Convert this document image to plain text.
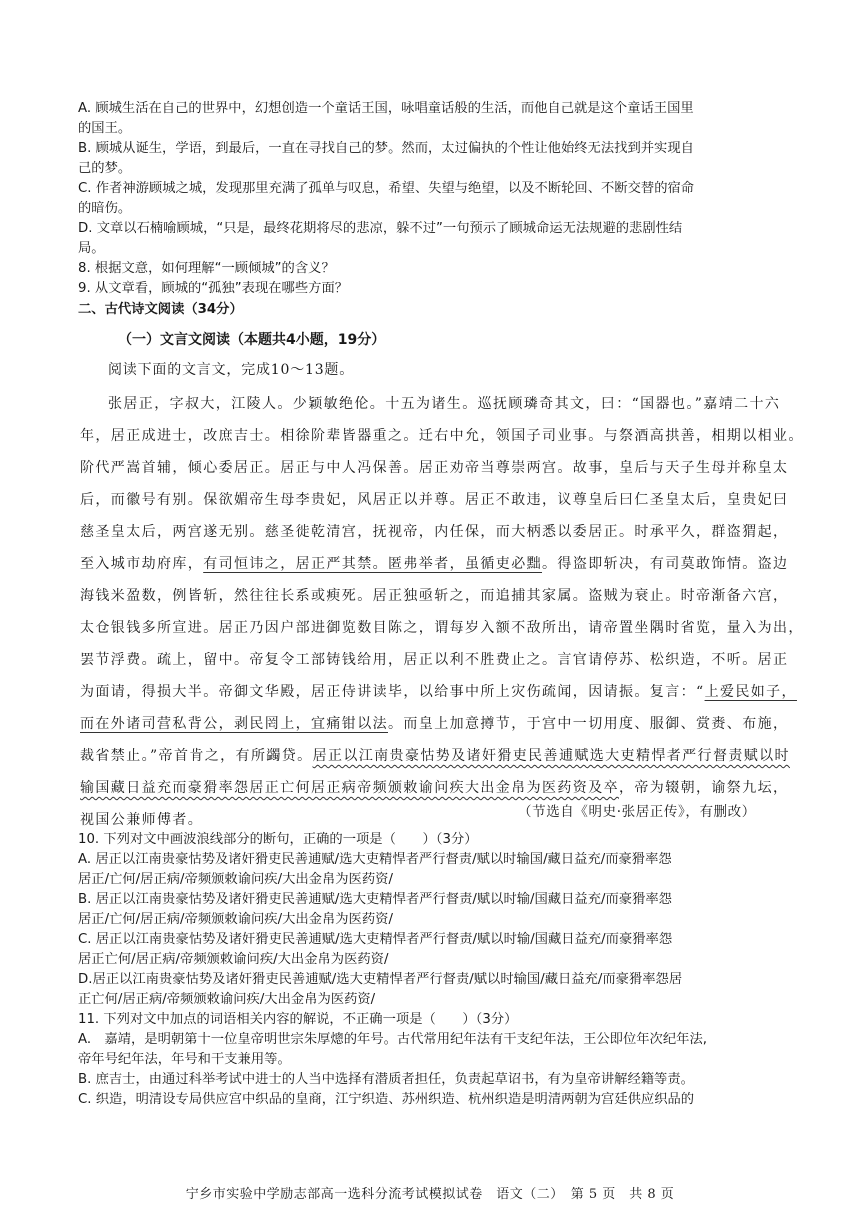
A. 顾城生活在自己的世界中，幻想创造一个童话王国，咏唱童话般的生活，而他自己就是这个童话王国里
的国王。
B. 顾城从诞生，学语，到最后，一直在寻找自己的梦。然而，太过偏执的个性让他始终无法找到并实现自
己的梦。
C. 作者神游顾城之城，发现那里充满了孤单与叹息，希望、失望与绝望，以及不断轮回、不断交替的宿命
的暗伤。
D. 文章以石楠喻顾城，“只是，最终花期将尽的悲凉，躲不过”一句预示了顾城命运无法规避的悲剧性结
局。
8. 根据文意，如何理解“一顾倾城”的含义？
9. 从文章看，顾城的“孤独”表现在哪些方面？
二、古代诗文阅读（34分）
（一）文言文阅读（本题共4小题，19分）
阅读下面的文言文，完成10～13题。
张居正，字叔大，江陵人。少颖敏绝伦。十五为诸生。巡抚顾璘奇其文，曰：“国器也。”嘉靖二十六
年，居正成进士，改庶吉士。相徐阶辈皆器重之。迁右中允，领国子司业事。与祭酒高拱善，相期以相业。
阶代严嵩首辅，倾心委居正。居正与中人冯保善。居正劝帝当尊崇两宫。故事，皇后与天子生母并称皇太
后，而徽号有别。保欲媚帝生母李贵妃，风居正以并尊。居正不敢违，议尊皇后曰仁圣皇太后，皇贵妃曰
慈圣皇太后，两宫遂无别。慈圣徙乾清宫，抚视帝，内任保，而大柄悉以委居正。时承平久，群盗猬起，
至入城市劫府库，有司恒讳之，居正严其禁。匿弗举者，虽循吏必黜。得盗即斩决，有司莫敢饰情。盗边
海钱米盈数，例皆斩，然往往长系或瘐死。居正独亟斩之，而追捕其家属。盗贼为衰止。时帝渐备六宫，
太仓银钱多所宣进。居正乃因户部进御览数目陈之，谓每岁入额不敌所出，请帝置坐隅时省览，量入为出，
罢节浮费。疏上，留中。帝复令工部铸钱给用，居正以利不胜费止之。言官请停苏、松织造，不听。居正
为面请，得损大半。帝御文华殿，居正侍讲读毕，以给事中所上灾伤疏闻，因请振。复言：“上爱民如子，
而在外诸司营私背公，剥民罔上，宜痛钳以法。而皇上加意撙节，于宫中一切用度、服御、赏赉、布施，
裁省禁止。”帝首肯之，有所蠲贷。居正以江南贵豪怙势及诸奸猾吏民善逋赋选大吏精悍者严行督责赋以时
输国藏日益充而豪猾率怨居正亡何居正病帝频颁敕谕问疾大出金帛为医药资及卒，帝为辍朝，谕祭九坛，
视国公兼师傅者。	（节选自《明史·张居正传》，有删改）
10. 下列对文中画波浪线部分的断句，正确的一项是（　　）（3分）
A. 居正以江南贵豪怙势及诸奸猾吏民善逋赋/选大吏精悍者严行督责/赋以时输国/藏日益充/而豪猾率怨
居正/亡何/居正病/帝频颁敕谕问疾/大出金帛为医药资/
B. 居正以江南贵豪怙势及诸奸猾吏民善逋赋/选大吏精悍者严行督责/赋以时输/国藏日益充/而豪猾率怨
居正/亡何/居正病/帝频颁敕谕问疾/大出金帛为医药资/
C. 居正以江南贵豪怙势及诸奸猾吏民善逋赋/选大吏精悍者严行督责/赋以时输/国藏日益充/而豪猾率怨
居正亡何/居正病/帝频颁敕谕问疾/大出金帛为医药资/
D.居正以江南贵豪怙势及诸奸猾吏民善逋赋/选大吏精悍者严行督责/赋以时输国/藏日益充/而豪猾率怨居
正亡何/居正病/帝频颁敕谕问疾/大出金帛为医药资/
11. 下列对文中加点的词语相关内容的解说，不正确一项是（　　）（3分）
A.　嘉靖，是明朝第十一位皇帝明世宗朱厚熜的年号。古代常用纪年法有干支纪年法，王公即位年次纪年法,
帝年号纪年法，年号和干支兼用等。
B. 庶吉士，由通过科举考试中进士的人当中选择有潜质者担任，负责起草诏书，有为皇帝讲解经籍等责。
C. 织造，明清设专局供应宫中织品的皇商，江宁织造、苏州织造、杭州织造是明清两朝为宫廷供应织品的
宁乡市实验中学励志部高一选科分流考试模拟试卷　语文（二）　第 5 页　共 8 页
